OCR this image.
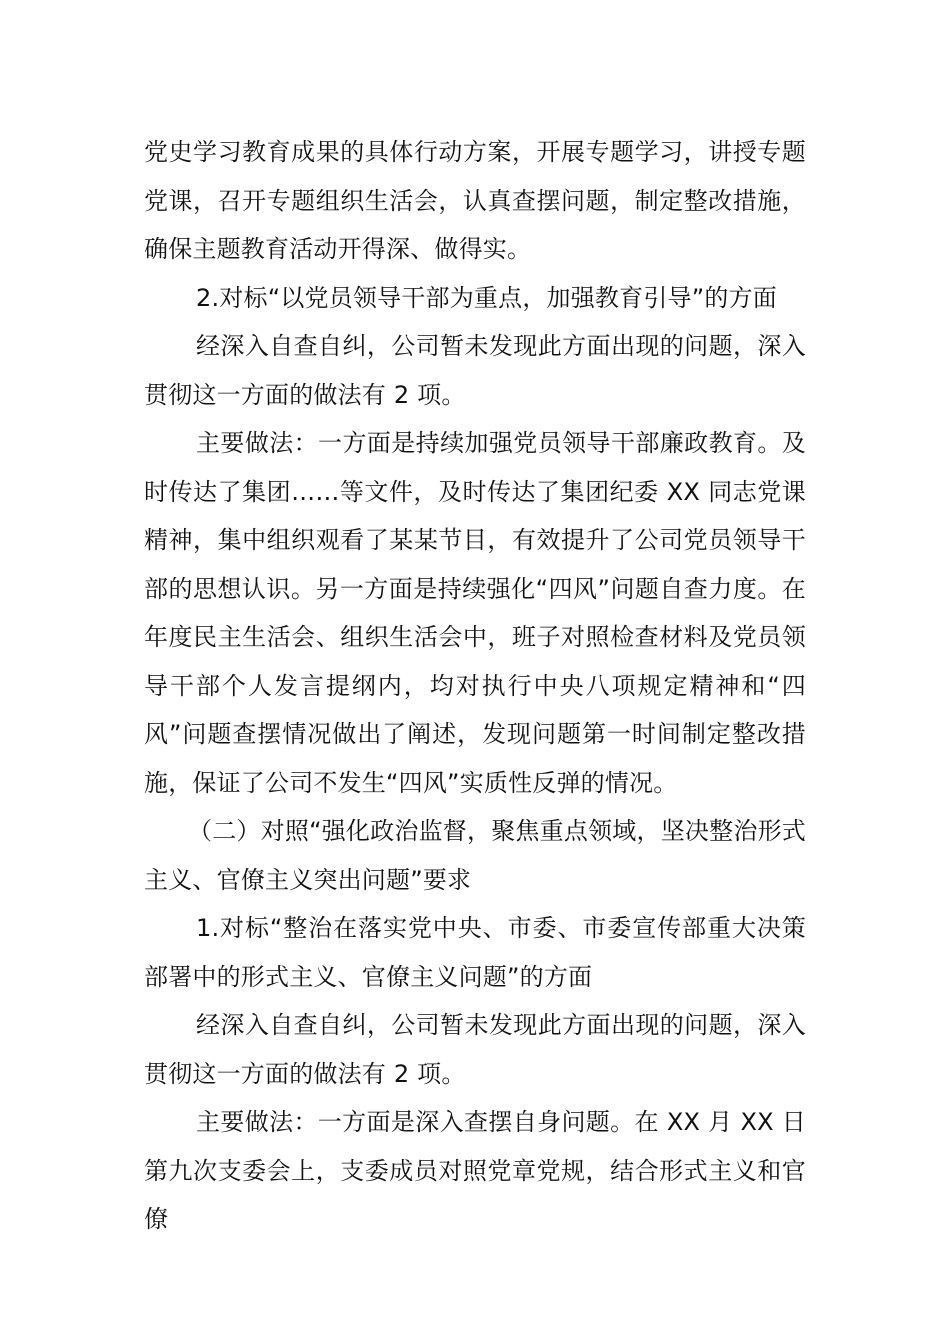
党史学习教育成果的具体行动方案，开展专题学习，讲授专题党课，召开专题组织生活会，认真查摆问题，制定整改措施，确保主题教育活动开得深、做得实。

2.对标“以党员领导干部为重点，加强教育引导”的方面

经深入自查自纠，公司暂未发现此方面出现的问题，深入贯彻这一方面的做法有 2 项。

主要做法：一方面是持续加强党员领导干部廉政教育。及时传达了集团……等文件，及时传达了集团纪委 XX 同志党课精神，集中组织观看了某某节目，有效提升了公司党员领导干部的思想认识。另一方面是持续强化“四风”问题自查力度。在年度民主生活会、组织生活会中，班子对照检查材料及党员领导干部个人发言提纲内，均对执行中央八项规定精神和“四风”问题查摆情况做出了阐述，发现问题第一时间制定整改措施，保证了公司不发生“四风”实质性反弹的情况。

（二）对照“强化政治监督，聚焦重点领域，坚决整治形式主义、官僚主义突出问题”要求

1.对标“整治在落实党中央、市委、市委宣传部重大决策部署中的形式主义、官僚主义问题”的方面

经深入自查自纠，公司暂未发现此方面出现的问题，深入贯彻这一方面的做法有 2 项。

主要做法：一方面是深入查摆自身问题。在 XX 月 XX 日第九次支委会上，支委成员对照党章党规，结合形式主义和官僚
